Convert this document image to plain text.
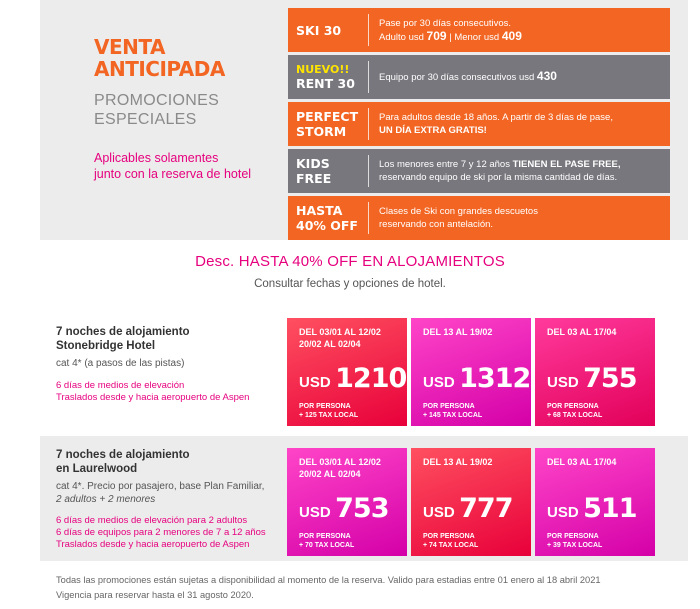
VENTA
ANTICIPADA
PROMOCIONES
ESPECIALES
Aplicables solamentes
junto con la reserva de hotel
SKI 30	Pase por 30 días consecutivos.
Adulto usd 709 | Menor usd 409
NUEVO!!
RENT 30	Equipo por 30 días consecutivos usd 430
PERFECT
STORM
Para adultos desde 18 años. A partir de 3 días de pase,
UN DÍA EXTRA GRATIS!
KIDS
FREE
Los menores entre 7 y 12 años TIENEN EL PASE FREE,
reservando equipo de ski por la misma cantidad de días.
HASTA
40% OFF
Clases de Ski con grandes descuetos
reservando con antelación.
Desc. HASTA 40% OFF EN ALOJAMIENTOS
Consultar fechas y opciones de hotel.
7 noches de alojamiento
Stonebridge Hotel
cat 4* (a pasos de las pistas)
6 días de medios de elevación
Traslados desde y hacia aeropuerto de Aspen
DEL 03/01 AL 12/02
20/02 AL 02/04
USD 1210
POR PERSONA
+ 125 TAX LOCAL
DEL 13 AL 19/02
USD 1312
POR PERSONA
+ 145 TAX LOCAL
DEL 03 AL 17/04
USD 755
POR PERSONA
+ 68 TAX LOCAL
7 noches de alojamiento
en Laurelwood
cat 4*. Precio por pasajero, base Plan Familiar,
2 adultos + 2 menores
6 días de medios de elevación para 2 adultos
6 días de equipos para 2 menores de 7 a 12 años
Traslados desde y hacia aeropuerto de Aspen
DEL 03/01 AL 12/02
20/02 AL 02/04
USD 753
POR PERSONA
+ 70 TAX LOCAL
DEL 13 AL 19/02
USD 777
POR PERSONA
+ 74 TAX LOCAL
DEL 03 AL 17/04
USD 511
POR PERSONA
+ 39 TAX LOCAL
Todas las promociones están sujetas a disponibilidad al momento de la reserva. Valido para estadias entre 01 enero al 18 abril 2021
Vigencia para reservar hasta el 31 agosto 2020.
